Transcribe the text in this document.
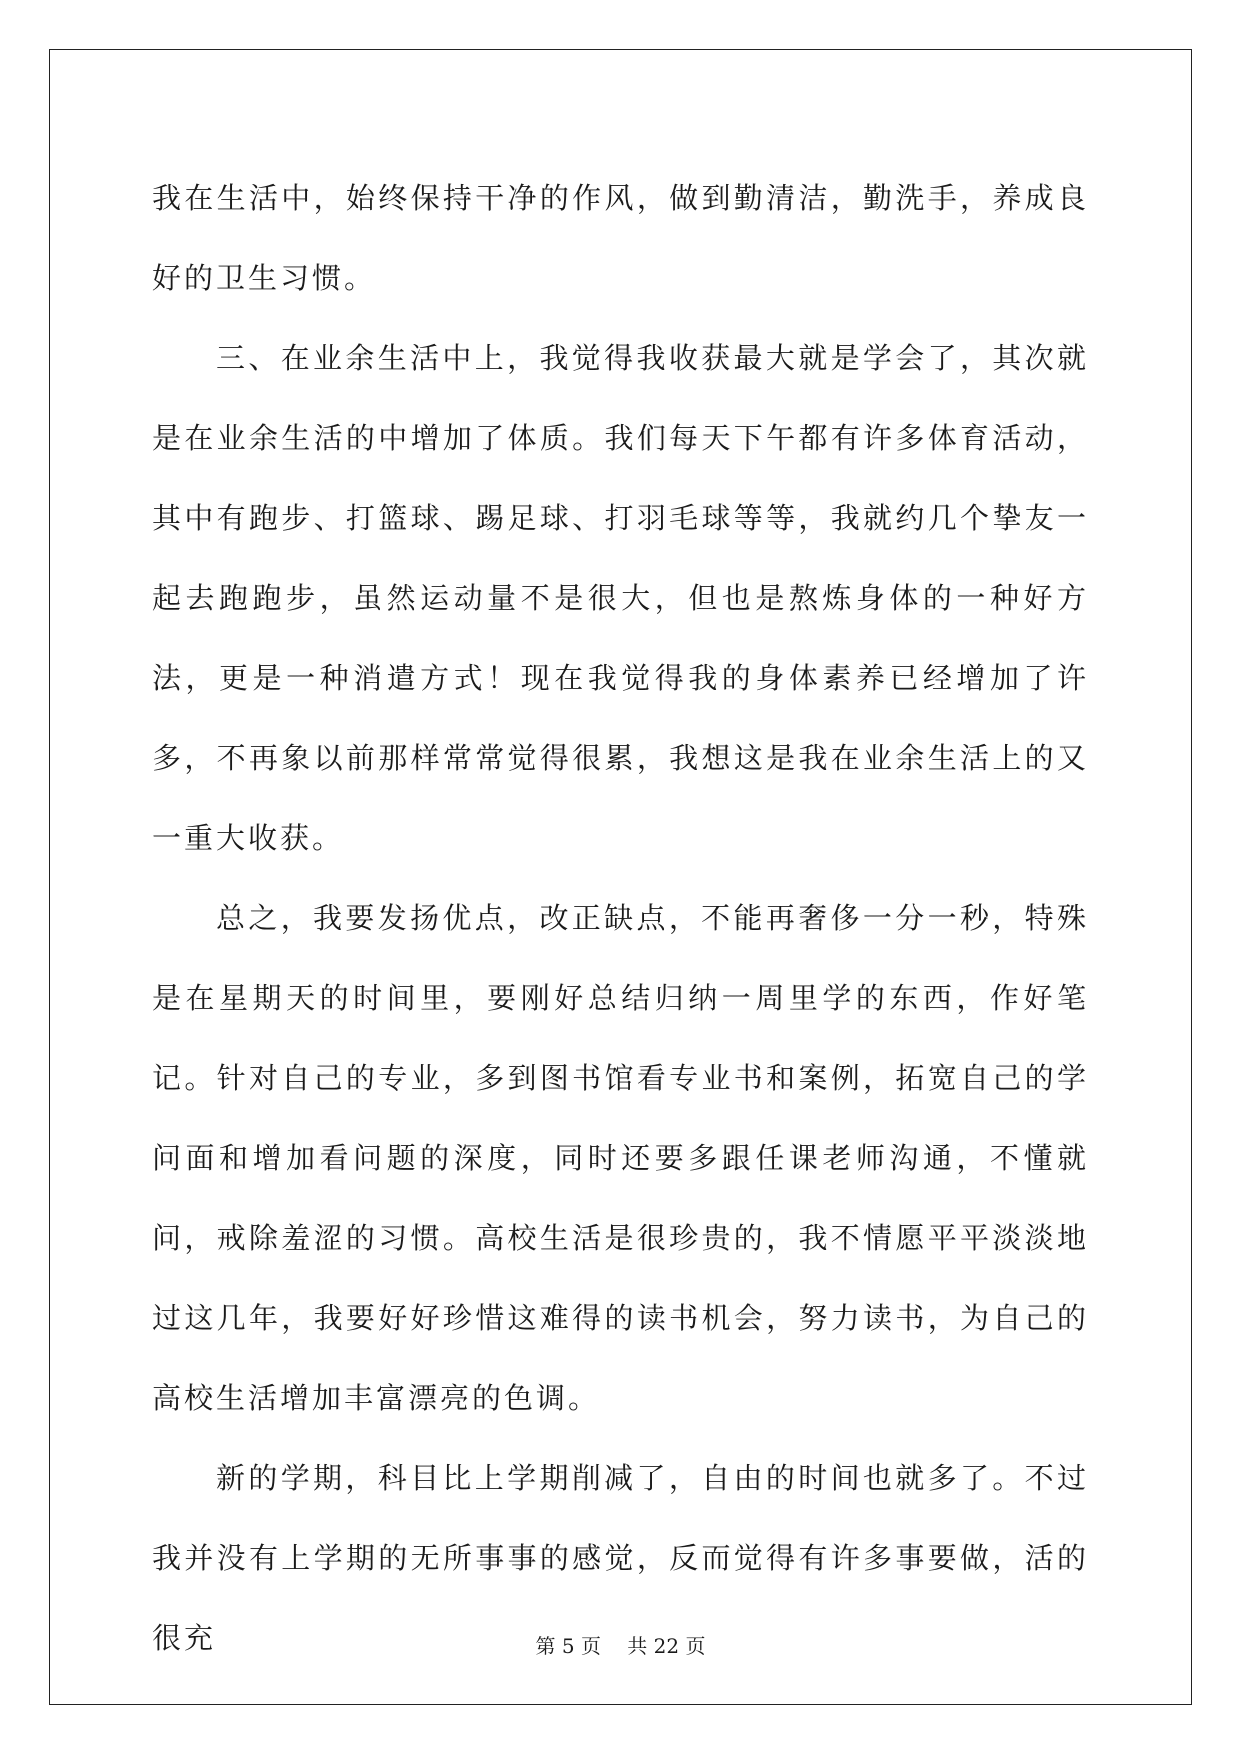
我在生活中，始终保持干净的作风，做到勤清洁，勤洗手，养成良好的卫生习惯。

三、在业余生活中上，我觉得我收获最大就是学会了，其次就是在业余生活的中增加了体质。我们每天下午都有许多体育活动，其中有跑步、打篮球、踢足球、打羽毛球等等，我就约几个挚友一起去跑跑步，虽然运动量不是很大，但也是熬炼身体的一种好方法，更是一种消遣方式！现在我觉得我的身体素养已经增加了许多，不再象以前那样常常觉得很累，我想这是我在业余生活上的又一重大收获。

总之，我要发扬优点，改正缺点，不能再奢侈一分一秒，特殊是在星期天的时间里，要刚好总结归纳一周里学的东西，作好笔记。针对自己的专业，多到图书馆看专业书和案例，拓宽自己的学问面和增加看问题的深度，同时还要多跟任课老师沟通，不懂就问，戒除羞涩的习惯。高校生活是很珍贵的，我不情愿平平淡淡地过这几年，我要好好珍惜这难得的读书机会，努力读书，为自己的高校生活增加丰富漂亮的色调。

新的学期，科目比上学期削减了，自由的时间也就多了。不过我并没有上学期的无所事事的感觉，反而觉得有许多事要做，活的很充	第 5 页　 共 22 页
